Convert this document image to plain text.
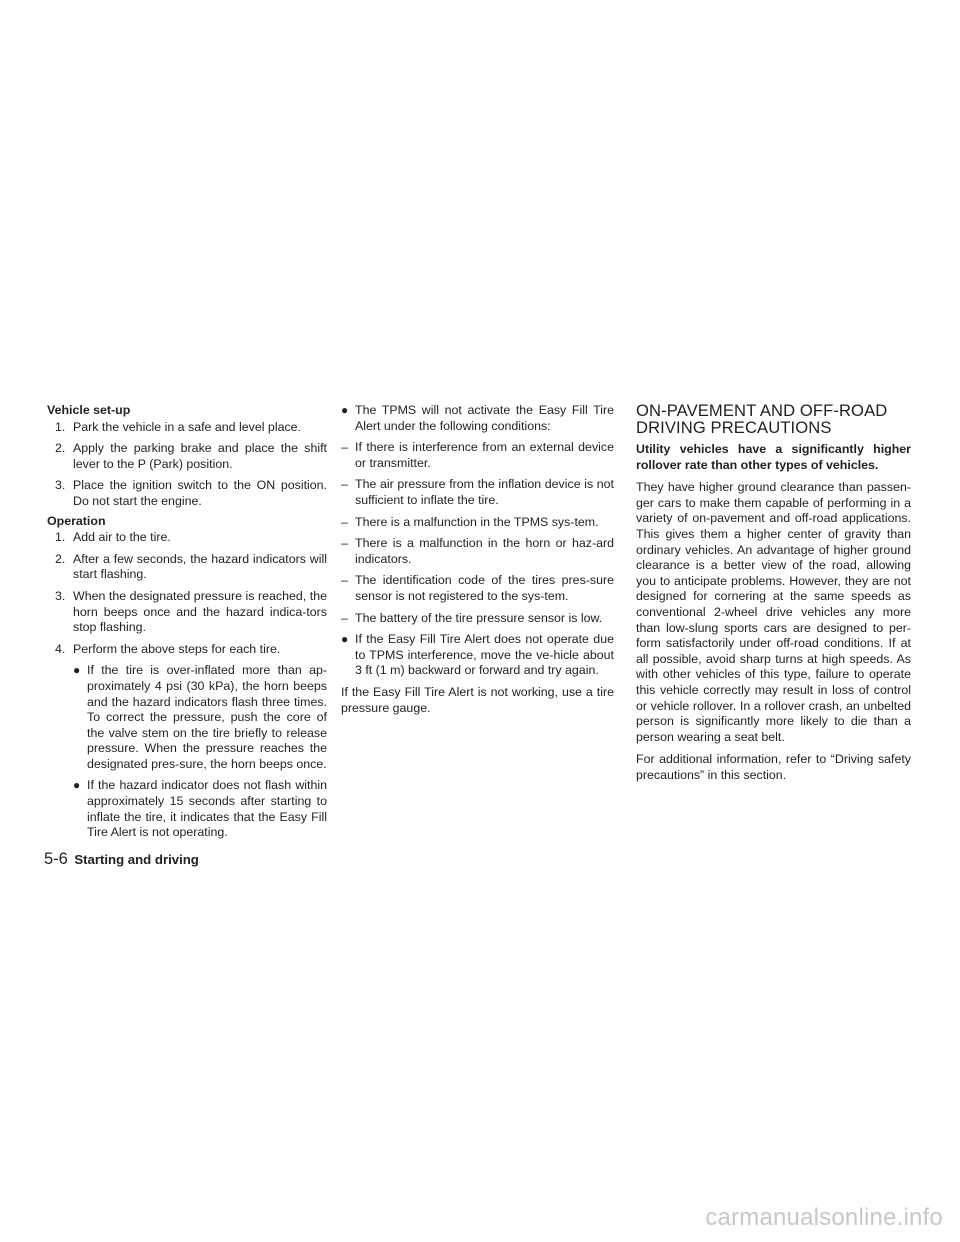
Vehicle set-up
1. Park the vehicle in a safe and level place.
2. Apply the parking brake and place the shift lever to the P (Park) position.
3. Place the ignition switch to the ON position. Do not start the engine.
Operation
1. Add air to the tire.
2. After a few seconds, the hazard indicators will start flashing.
3. When the designated pressure is reached, the horn beeps once and the hazard indica-tors stop flashing.
4. Perform the above steps for each tire.
● If the tire is over-inflated more than ap-proximately 4 psi (30 kPa), the horn beeps and the hazard indicators flash three times. To correct the pressure, push the core of the valve stem on the tire briefly to release pressure. When the pressure reaches the designated pres-sure, the horn beeps once.
● If the hazard indicator does not flash within approximately 15 seconds after starting to inflate the tire, it indicates that the Easy Fill Tire Alert is not operating.
● The TPMS will not activate the Easy Fill Tire Alert under the following conditions:
– If there is interference from an external device or transmitter.
– The air pressure from the inflation device is not sufficient to inflate the tire.
– There is a malfunction in the TPMS sys-tem.
– There is a malfunction in the horn or haz-ard indicators.
– The identification code of the tires pres-sure sensor is not registered to the sys-tem.
– The battery of the tire pressure sensor is low.
● If the Easy Fill Tire Alert does not operate due to TPMS interference, move the ve-hicle about 3 ft (1 m) backward or forward and try again.
If the Easy Fill Tire Alert is not working, use a tire pressure gauge.
ON-PAVEMENT AND OFF-ROAD
DRIVING PRECAUTIONS
Utility vehicles have a significantly higher rollover rate than other types of vehicles.
They have higher ground clearance than passen-ger cars to make them capable of performing in a variety of on-pavement and off-road applications. This gives them a higher center of gravity than ordinary vehicles. An advantage of higher ground clearance is a better view of the road, allowing you to anticipate problems. However, they are not designed for cornering at the same speeds as conventional 2-wheel drive vehicles any more than low-slung sports cars are designed to per-form satisfactorily under off-road conditions. If at all possible, avoid sharp turns at high speeds. As with other vehicles of this type, failure to operate this vehicle correctly may result in loss of control or vehicle rollover. In a rollover crash, an unbelted person is significantly more likely to die than a person wearing a seat belt.
For additional information, refer to “Driving safety precautions” in this section.
5-6 Starting and driving
carmanualsonline.info
